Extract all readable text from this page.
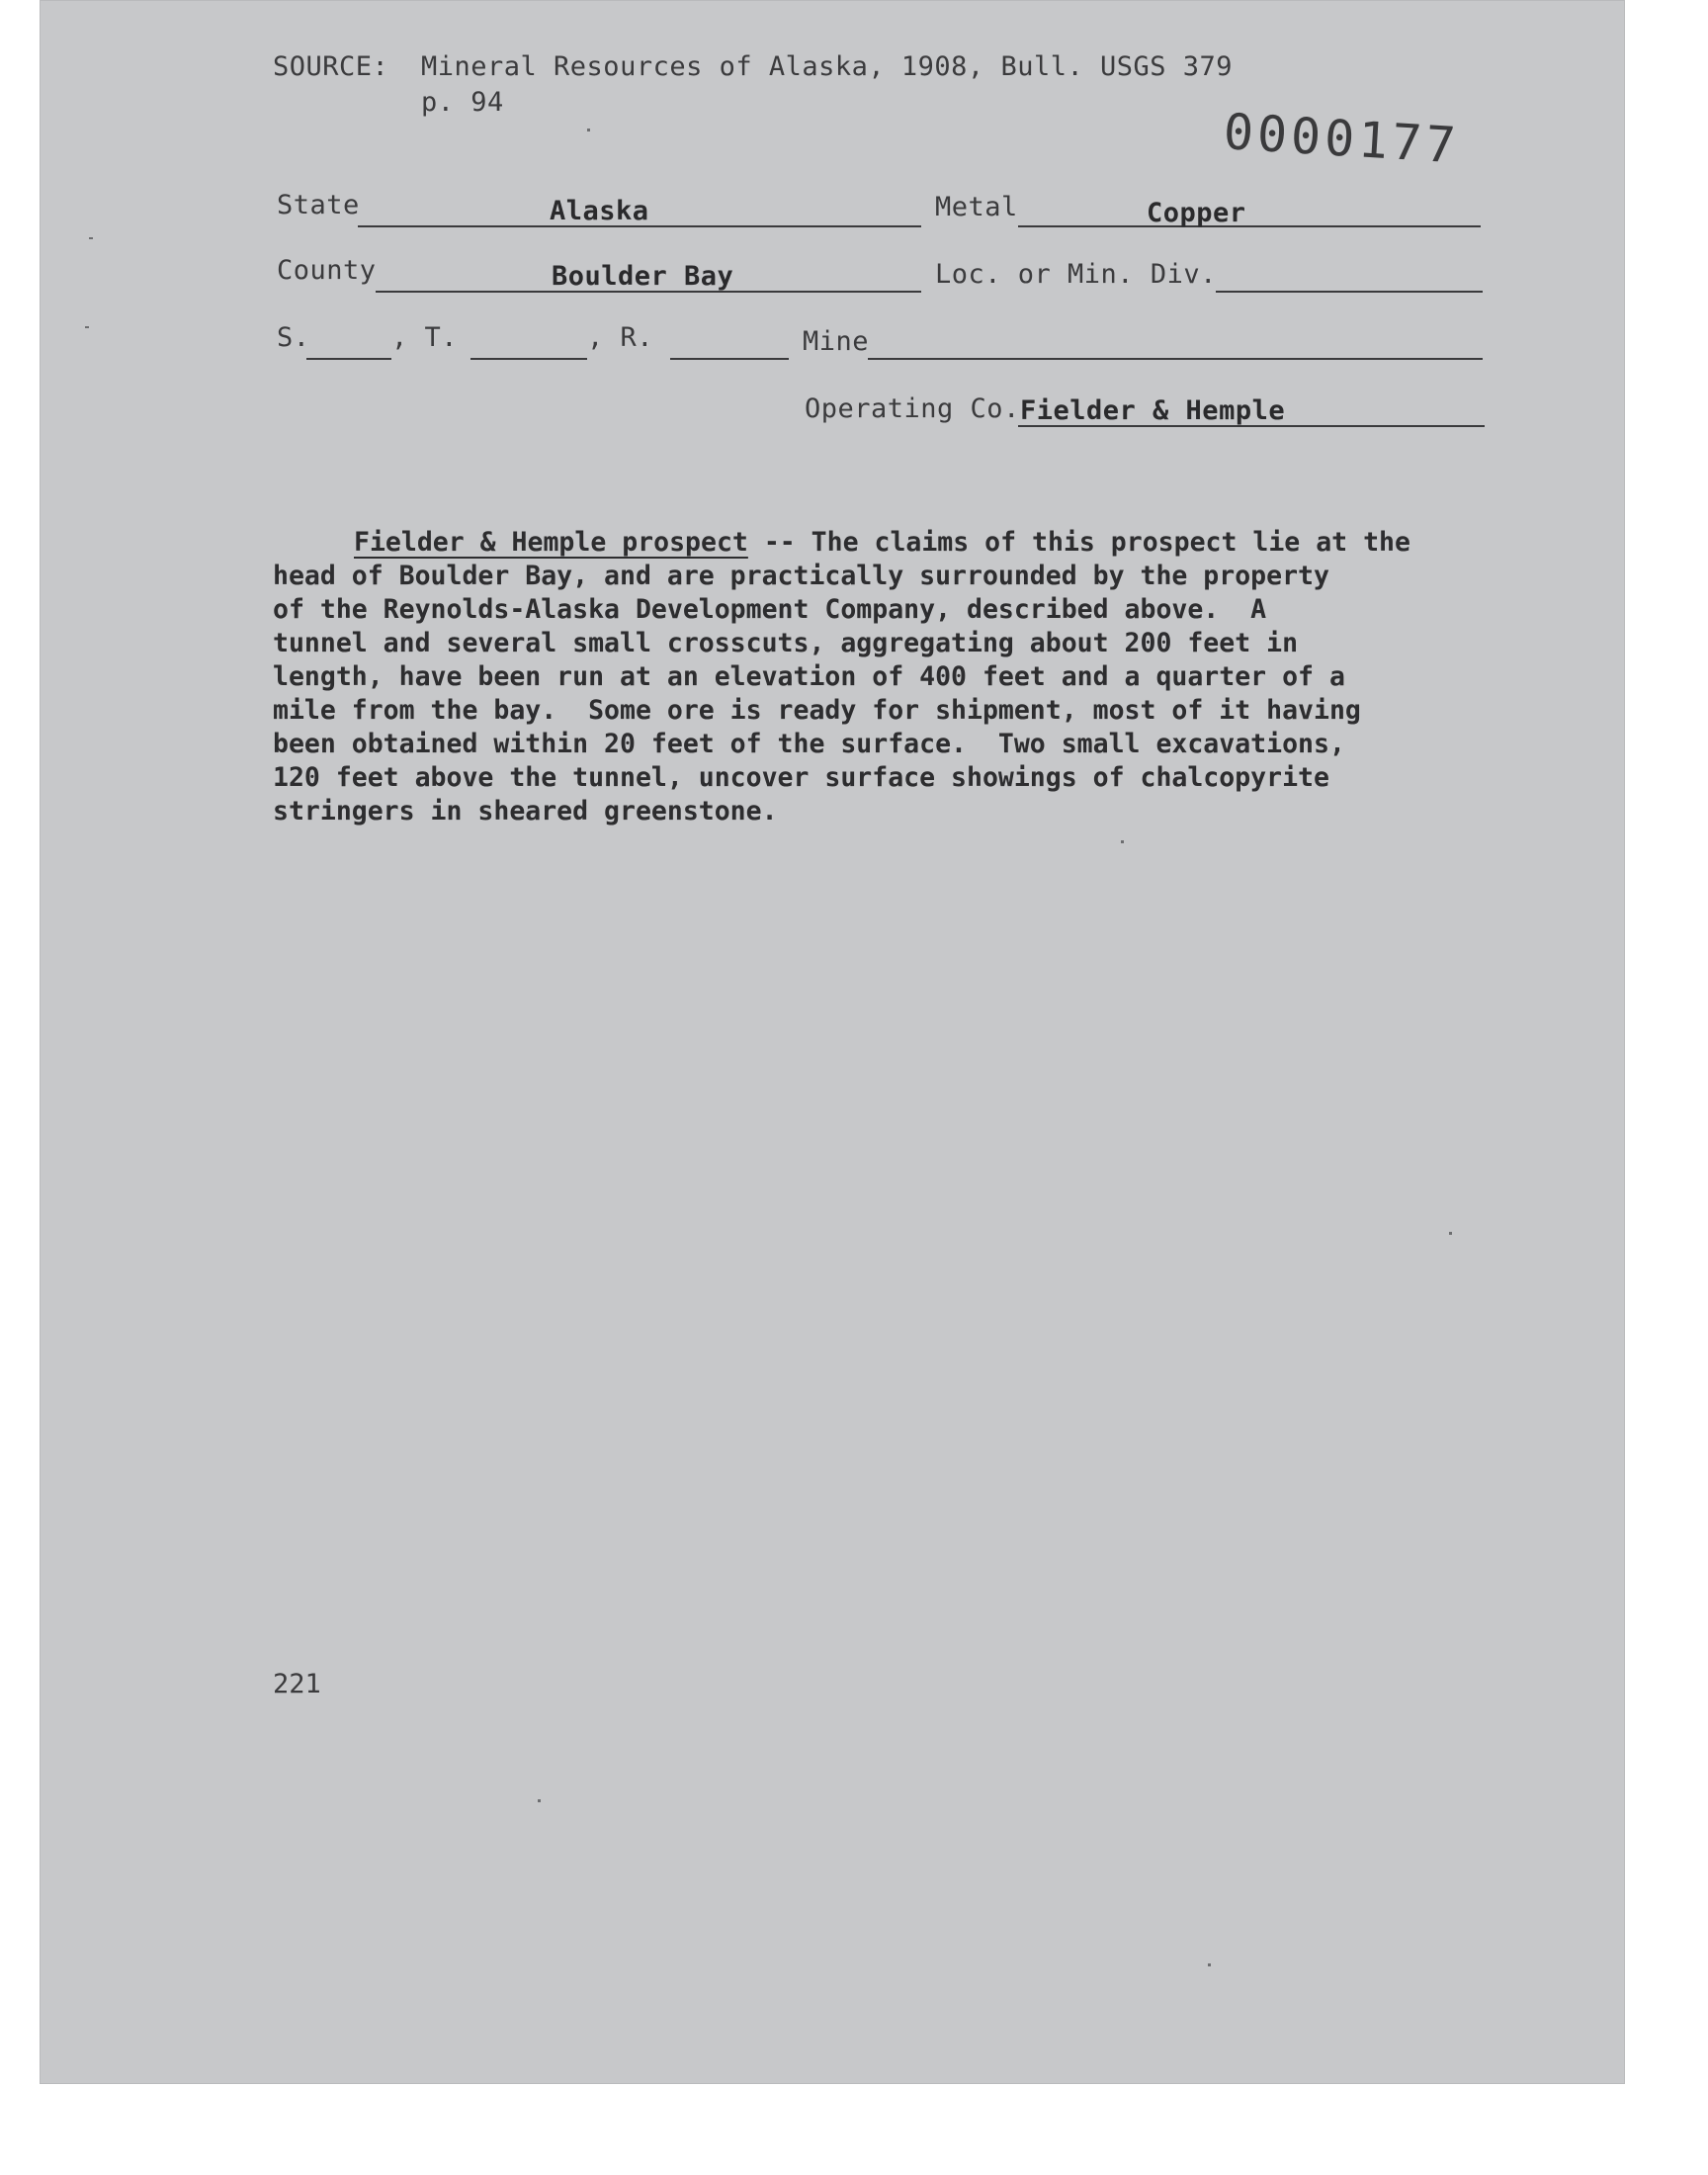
SOURCE: Mineral Resources of Alaska, 1908, Bull. USGS 379
p. 94
0000177
State	Alaska	Metal	Copper
County	Boulder Bay	Loc. or Min. Div.
S.	, T.	, R.	Mine
Operating Co. Fielder & Hemple
Fielder & Hemple prospect -- The claims of this prospect lie at the
head of Boulder Bay, and are practically surrounded by the property
of the Reynolds-Alaska Development Company, described above.  A
tunnel and several small crosscuts, aggregating about 200 feet in
length, have been run at an elevation of 400 feet and a quarter of a
mile from the bay.  Some ore is ready for shipment, most of it having
been obtained within 20 feet of the surface.  Two small excavations,
120 feet above the tunnel, uncover surface showings of chalcopyrite
stringers in sheared greenstone.
221
